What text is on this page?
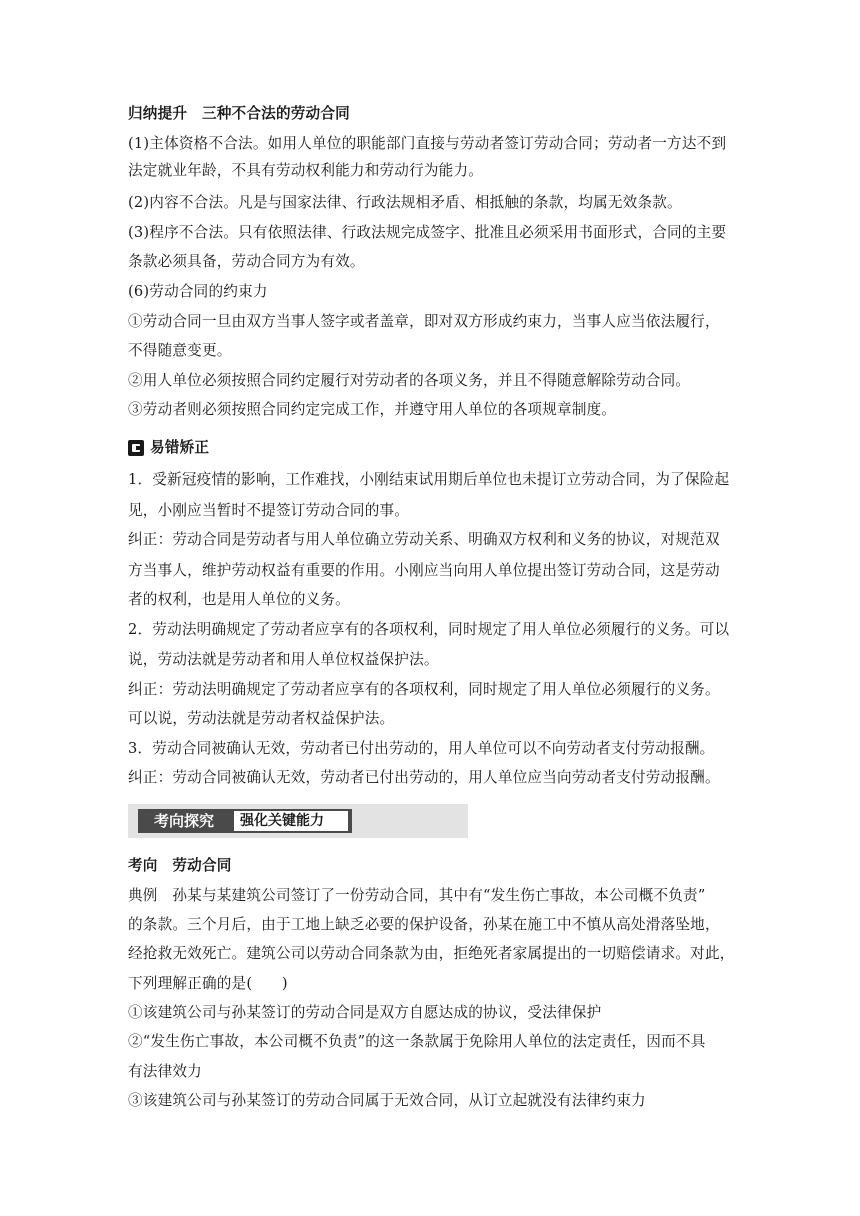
归纳提升　三种不合法的劳动合同
(1)主体资格不合法。如用人单位的职能部门直接与劳动者签订劳动合同；劳动者一方达不到
法定就业年龄，不具有劳动权利能力和劳动行为能力。
(2)内容不合法。凡是与国家法律、行政法规相矛盾、相抵触的条款，均属无效条款。
(3)程序不合法。只有依照法律、行政法规完成签字、批准且必须采用书面形式，合同的主要
条款必须具备，劳动合同方为有效。
(6)劳动合同的约束力
①劳动合同一旦由双方当事人签字或者盖章，即对双方形成约束力，当事人应当依法履行，
不得随意变更。
②用人单位必须按照合同约定履行对劳动者的各项义务，并且不得随意解除劳动合同。
③劳动者则必须按照合同约定完成工作，并遵守用人单位的各项规章制度。
易错矫正
1．受新冠疫情的影响，工作难找，小刚结束试用期后单位也未提订立劳动合同，为了保险起
见，小刚应当暂时不提签订劳动合同的事。
纠正：劳动合同是劳动者与用人单位确立劳动关系、明确双方权利和义务的协议，对规范双
方当事人，维护劳动权益有重要的作用。小刚应当向用人单位提出签订劳动合同，这是劳动
者的权利，也是用人单位的义务。
2．劳动法明确规定了劳动者应享有的各项权利，同时规定了用人单位必须履行的义务。可以
说，劳动法就是劳动者和用人单位权益保护法。
纠正：劳动法明确规定了劳动者应享有的各项权利，同时规定了用人单位必须履行的义务。
可以说，劳动法就是劳动者权益保护法。
3．劳动合同被确认无效，劳动者已付出劳动的，用人单位可以不向劳动者支付劳动报酬。
纠正：劳动合同被确认无效，劳动者已付出劳动的，用人单位应当向劳动者支付劳动报酬。
考向探究	强化关键能力
考向　劳动合同
典例　孙某与某建筑公司签订了一份劳动合同，其中有“发生伤亡事故，本公司概不负责”
的条款。三个月后，由于工地上缺乏必要的保护设备，孙某在施工中不慎从高处滑落坠地，
经抢救无效死亡。建筑公司以劳动合同条款为由，拒绝死者家属提出的一切赔偿请求。对此，
下列理解正确的是(　　)
①该建筑公司与孙某签订的劳动合同是双方自愿达成的协议，受法律保护
②“发生伤亡事故，本公司概不负责”的这一条款属于免除用人单位的法定责任，因而不具
有法律效力
③该建筑公司与孙某签订的劳动合同属于无效合同，从订立起就没有法律约束力
